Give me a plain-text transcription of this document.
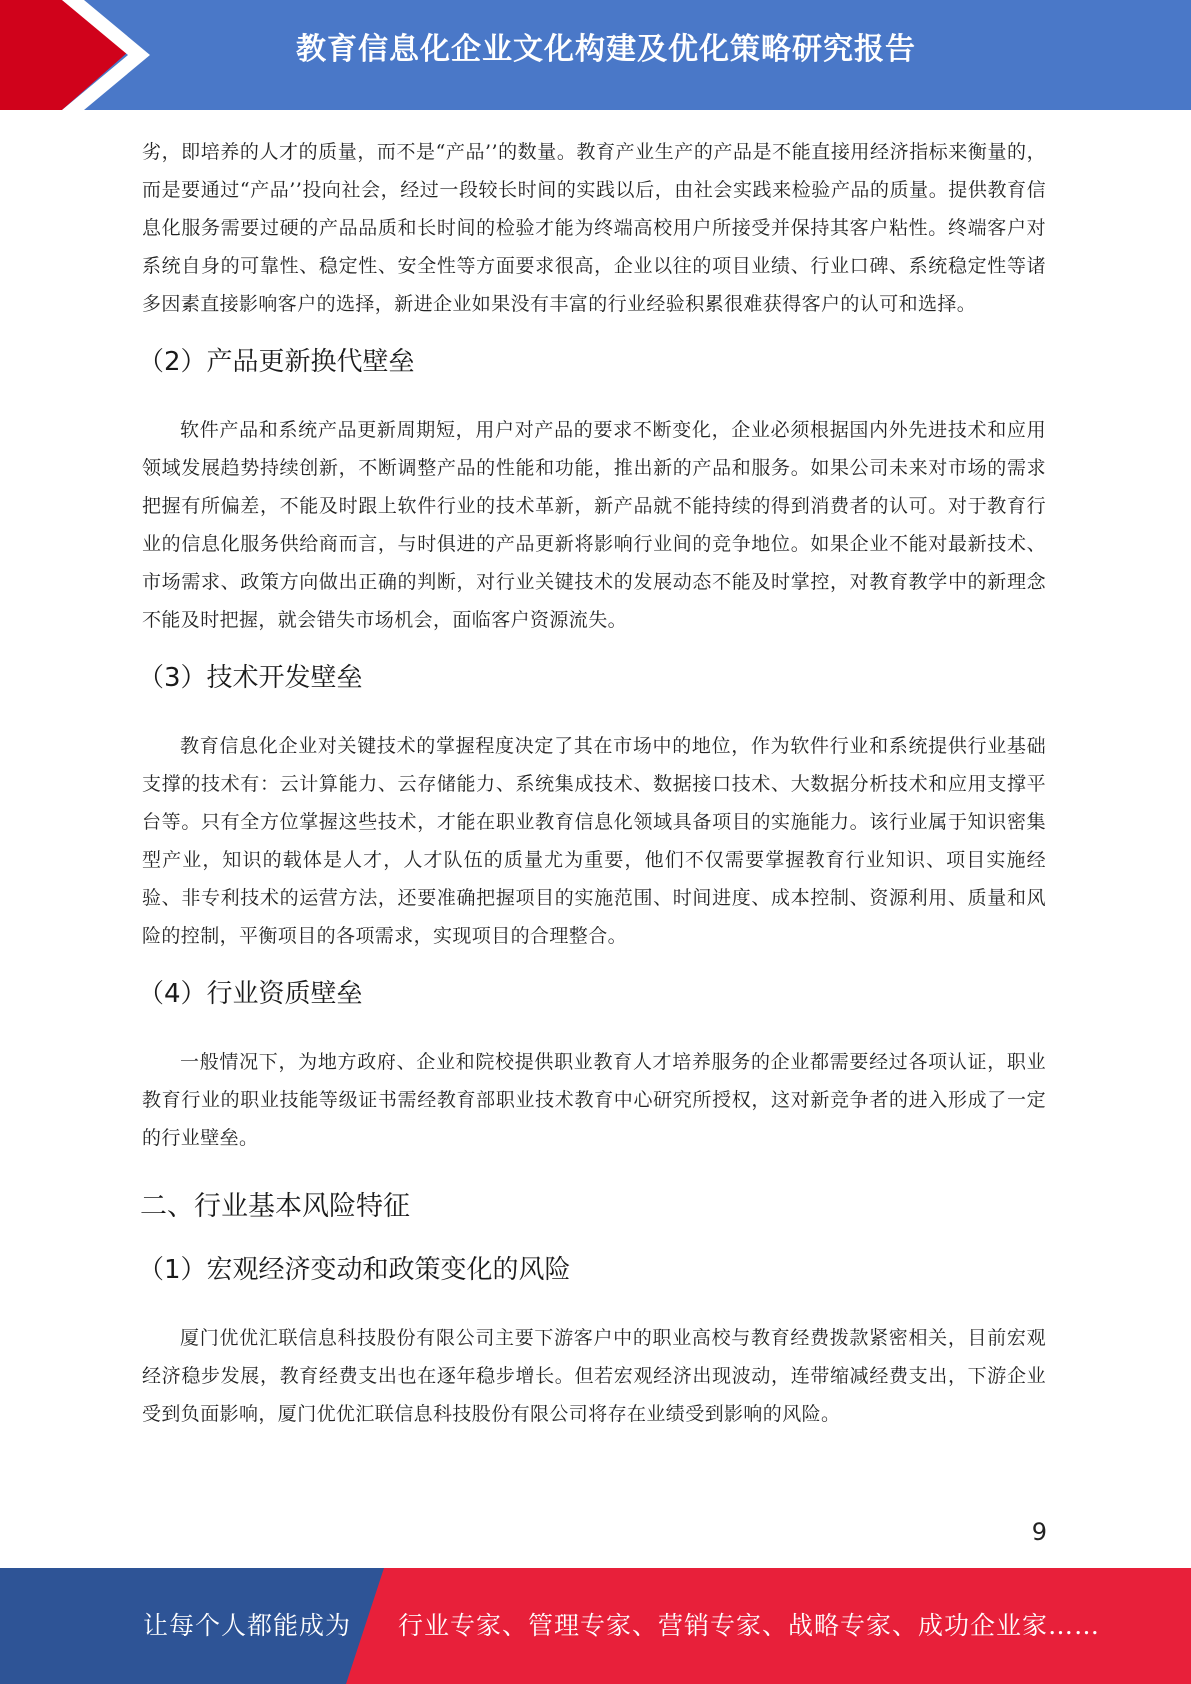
教育信息化企业文化构建及优化策略研究报告

劣，即培养的人才的质量，而不是“产品’’的数量。教育产业生产的产品是不能直接用经济指标来衡量的，而是要通过“产品’’投向社会，经过一段较长时间的实践以后，由社会实践来检验产品的质量。提供教育信息化服务需要过硬的产品品质和长时间的检验才能为终端高校用户所接受并保持其客户粘性。终端客户对系统自身的可靠性、稳定性、安全性等方面要求很高，企业以往的项目业绩、行业口碑、系统稳定性等诸多因素直接影响客户的选择，新进企业如果没有丰富的行业经验积累很难获得客户的认可和选择。

（2）产品更新换代壁垒

软件产品和系统产品更新周期短，用户对产品的要求不断变化，企业必须根据国内外先进技术和应用领域发展趋势持续创新，不断调整产品的性能和功能，推出新的产品和服务。如果公司未来对市场的需求把握有所偏差，不能及时跟上软件行业的技术革新，新产品就不能持续的得到消费者的认可。对于教育行业的信息化服务供给商而言，与时俱进的产品更新将影响行业间的竞争地位。如果企业不能对最新技术、市场需求、政策方向做出正确的判断，对行业关键技术的发展动态不能及时掌控，对教育教学中的新理念不能及时把握，就会错失市场机会，面临客户资源流失。

（3）技术开发壁垒

教育信息化企业对关键技术的掌握程度决定了其在市场中的地位，作为软件行业和系统提供行业基础支撑的技术有：云计算能力、云存储能力、系统集成技术、数据接口技术、大数据分析技术和应用支撑平台等。只有全方位掌握这些技术，才能在职业教育信息化领域具备项目的实施能力。该行业属于知识密集型产业，知识的载体是人才，人才队伍的质量尤为重要，他们不仅需要掌握教育行业知识、项目实施经验、非专利技术的运营方法，还要准确把握项目的实施范围、时间进度、成本控制、资源利用、质量和风险的控制，平衡项目的各项需求，实现项目的合理整合。

（4）行业资质壁垒

一般情况下，为地方政府、企业和院校提供职业教育人才培养服务的企业都需要经过各项认证，职业教育行业的职业技能等级证书需经教育部职业技术教育中心研究所授权，这对新竞争者的进入形成了一定的行业壁垒。

二、行业基本风险特征
（1）宏观经济变动和政策变化的风险

厦门优优汇联信息科技股份有限公司主要下游客户中的职业高校与教育经费拨款紧密相关，目前宏观经济稳步发展，教育经费支出也在逐年稳步增长。但若宏观经济出现波动，连带缩减经费支出，下游企业受到负面影响，厦门优优汇联信息科技股份有限公司将存在业绩受到影响的风险。

9
让每个人都能成为 行业专家、管理专家、营销专家、战略专家、成功企业家……
